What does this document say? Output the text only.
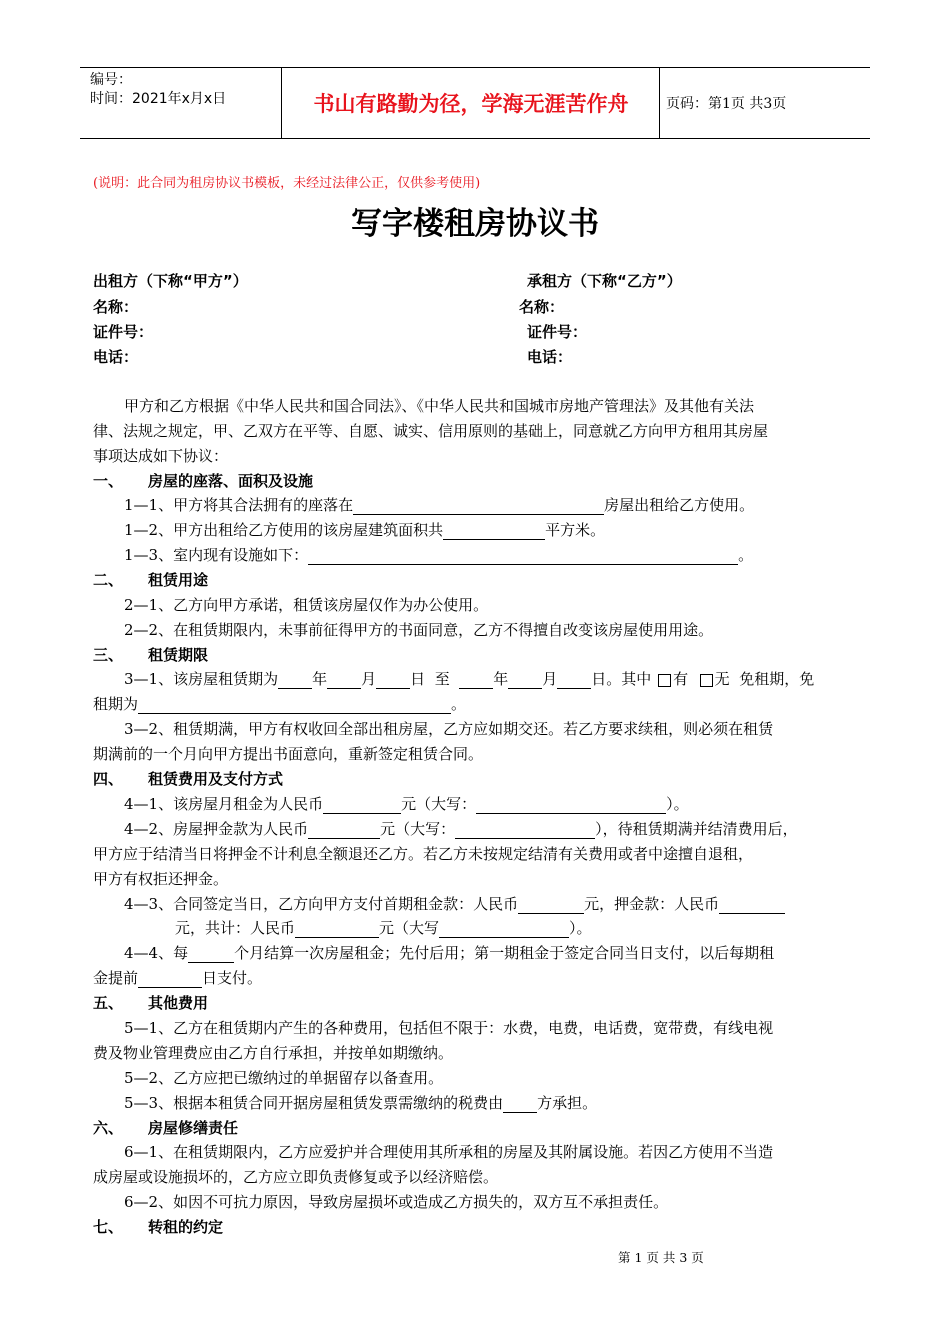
编号：
时间：2021年x月x日	书山有路勤为径，学海无涯苦作舟	页码：第1页 共3页
(说明：此合同为租房协议书模板，未经过法律公正，仅供参考使用)
写字楼租房协议书
出租方（下称“甲方”）	承租方（下称“乙方”）
名称：	名称：
证件号：	证件号：
电话：	电话：
甲方和乙方根据《中华人民共和国合同法》、《中华人民共和国城市房地产管理法》及其他有关法
律、法规之规定，甲、乙双方在平等、自愿、诚实、信用原则的基础上，同意就乙方向甲方租用其房屋
事项达成如下协议：
一、 房屋的座落、面积及设施
1—1、甲方将其合法拥有的座落在	房屋出租给乙方使用。
1—2、甲方出租给乙方使用的该房屋建筑面积共	平方米。
1—3、室内现有设施如下：	。
二、 租赁用途
2—1、乙方向甲方承诺，租赁该房屋仅作为办公使用。
2—2、在租赁期限内，未事前征得甲方的书面同意，乙方不得擅自改变该房屋使用用途。
三、 租赁期限
3—1、该房屋租赁期为 年 月 日 至	年 月 日。其中 有 无 免租期，免
租期为	。
3—2、租赁期满，甲方有权收回全部出租房屋，乙方应如期交还。若乙方要求续租，则必须在租赁
期满前的一个月向甲方提出书面意向，重新签定租赁合同。
四、 租赁费用及支付方式
4—1、该房屋月租金为人民币	元（大写：	）。
4—2、房屋押金款为人民币	元（大写：	），待租赁期满并结清费用后，
甲方应于结清当日将押金不计利息全额退还乙方。若乙方未按规定结清有关费用或者中途擅自退租，
甲方有权拒还押金。
4—3、合同签定当日，乙方向甲方支付首期租金款：人民币	元，押金款：人民币
元，共计：人民币	元（大写	）。
4—4、每	个月结算一次房屋租金；先付后用；第一期租金于签定合同当日支付，以后每期租
金提前	日支付。
五、 其他费用
5—1、乙方在租赁期内产生的各种费用，包括但不限于：水费，电费，电话费，宽带费，有线电视
费及物业管理费应由乙方自行承担，并按单如期缴纳。
5—2、乙方应把已缴纳过的单据留存以备查用。
5—3、根据本租赁合同开据房屋租赁发票需缴纳的税费由 方承担。
六、 房屋修缮责任
6—1、在租赁期限内，乙方应爱护并合理使用其所承租的房屋及其附属设施。若因乙方使用不当造
成房屋或设施损坏的，乙方应立即负责修复或予以经济赔偿。
6—2、如因不可抗力原因，导致房屋损坏或造成乙方损失的，双方互不承担责任。
七、 转租的约定
第 1 页 共 3 页
